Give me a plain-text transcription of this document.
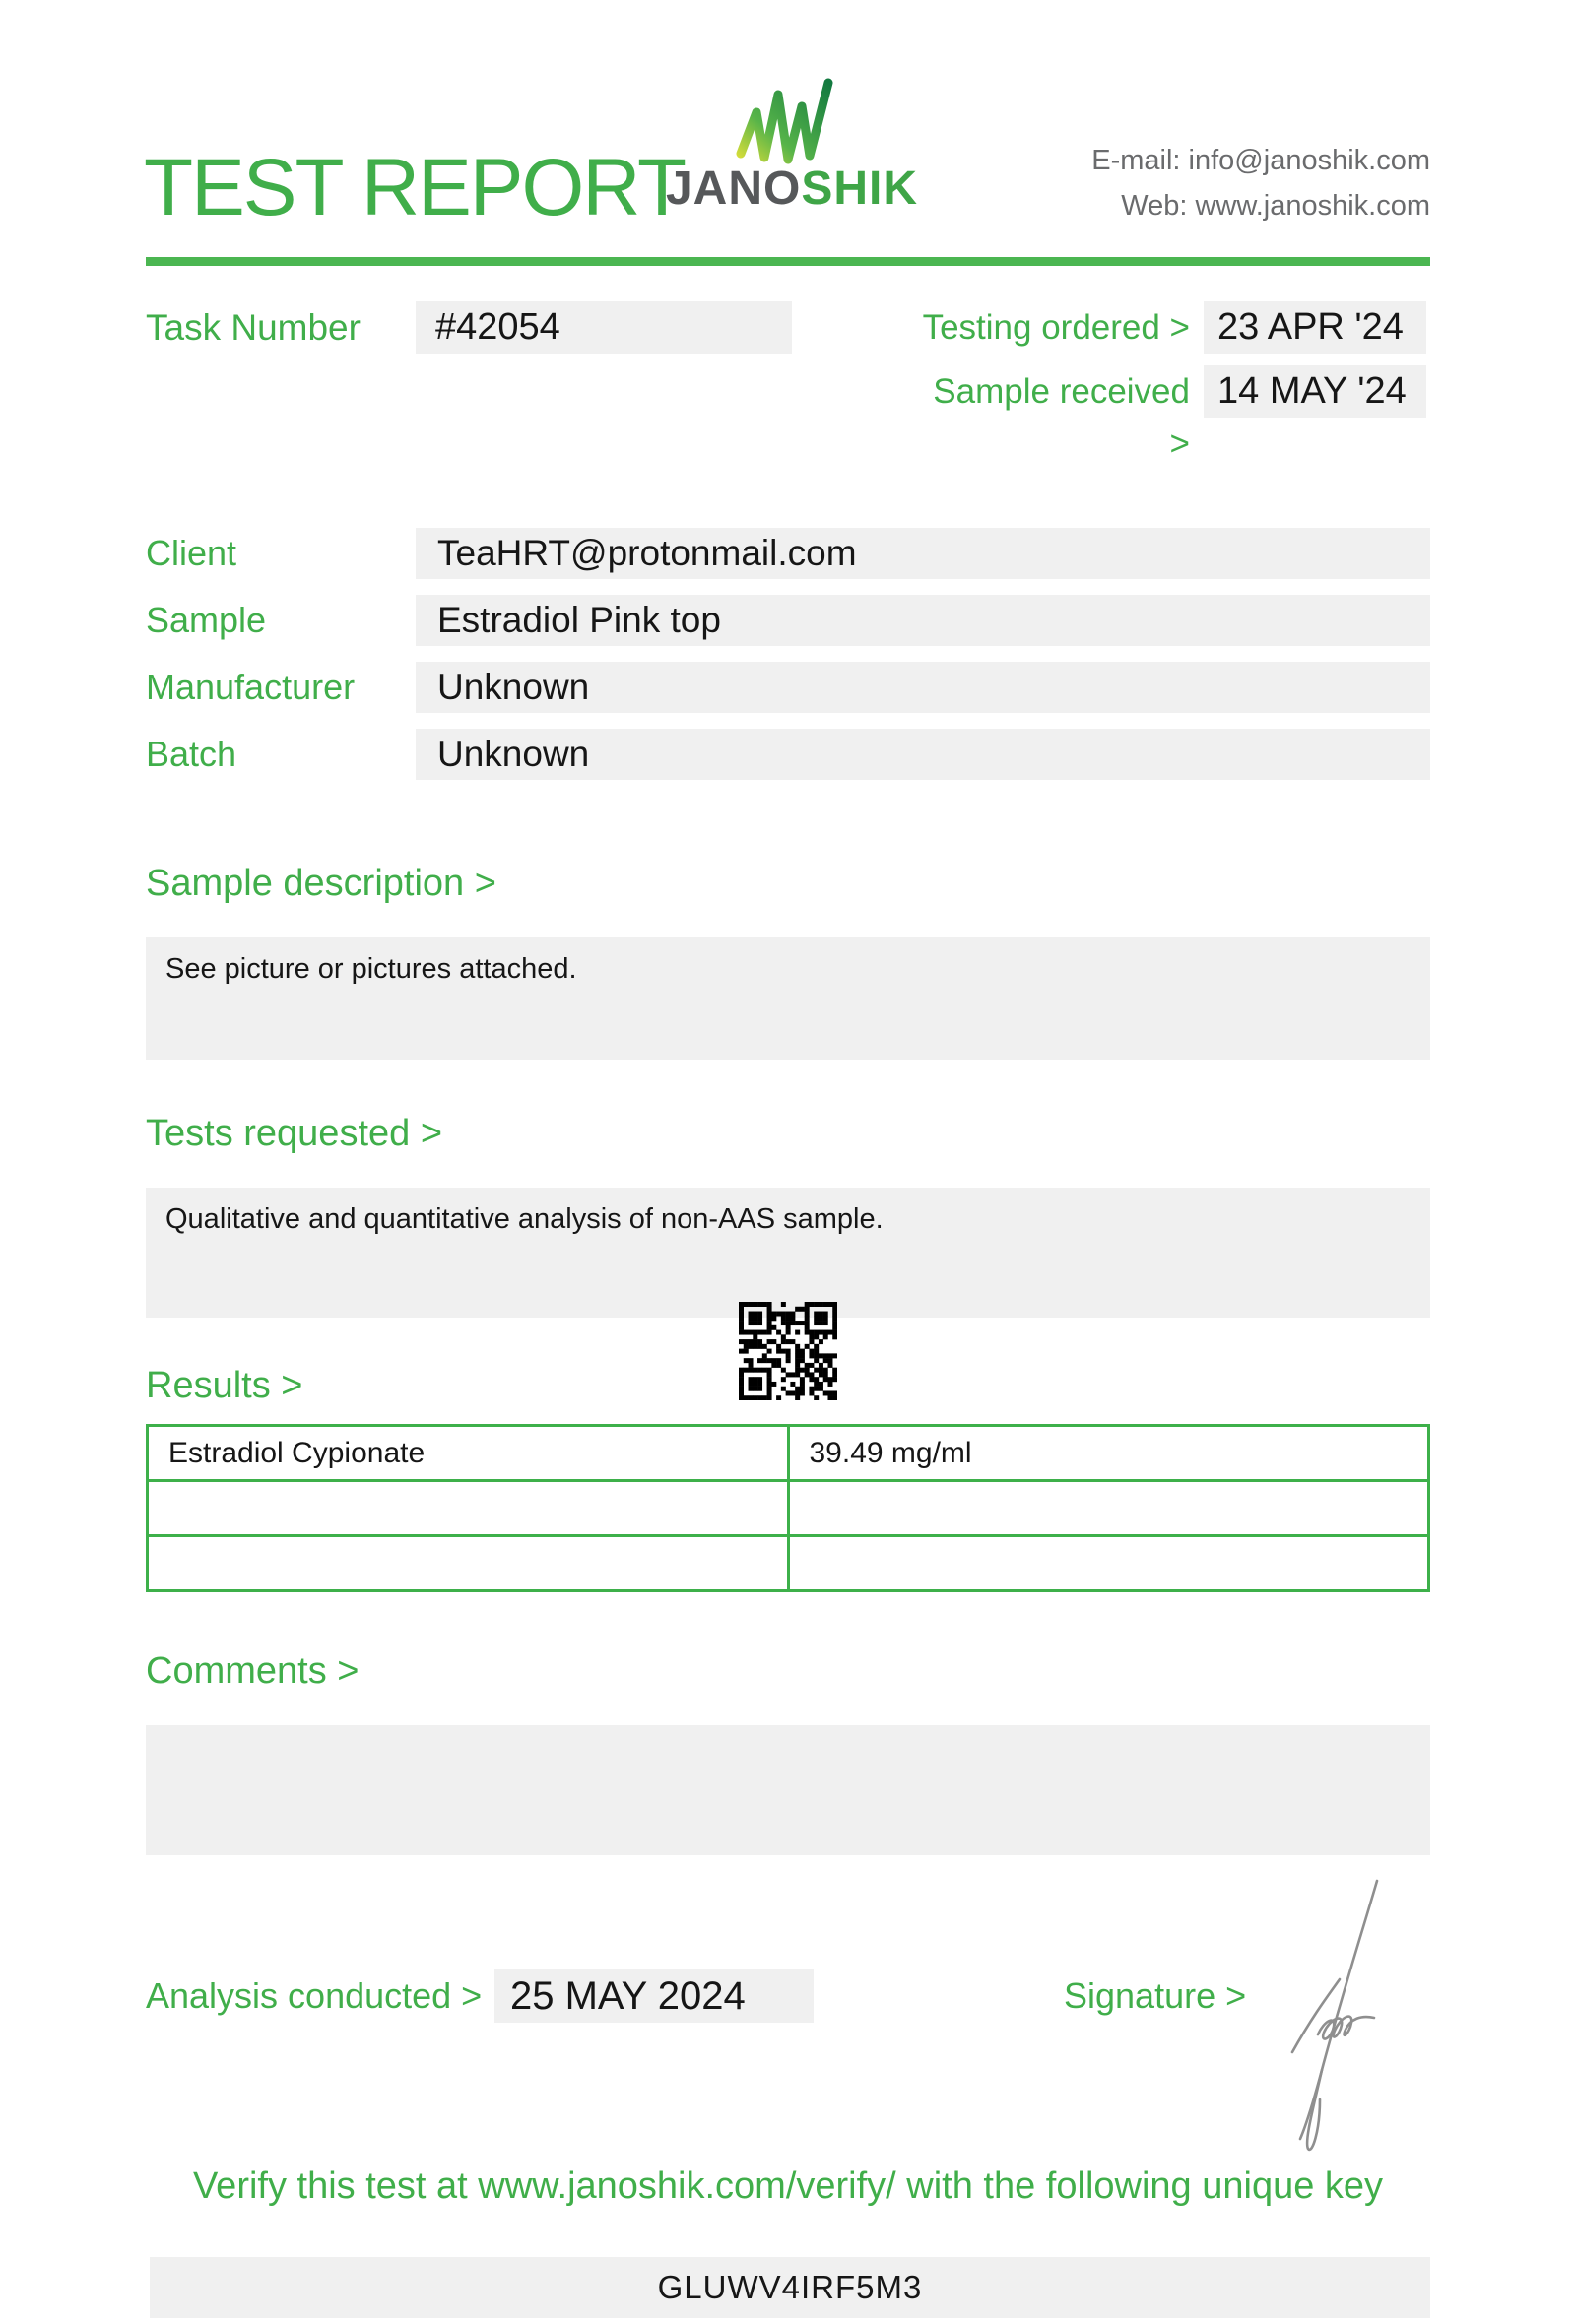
TEST REPORT
JANOSHIK
E-mail: info@janoshik.com
Web: www.janoshik.com
Task Number	#42054	Testing ordered > 23 APR '24
Sample received >
14 MAY '24
Client	TeaHRT@protonmail.com
Sample	Estradiol Pink top
Manufacturer	Unknown
Batch	Unknown
Sample description >
See picture or pictures attached.
Tests requested >
Qualitative and quantitative analysis of non-AAS sample.
Results >
Estradiol Cypionate	39.49 mg/ml

Comments >
Analysis conducted > 25 MAY 2024	Signature >
Verify this test at www.janoshik.com/verify/ with the following unique key
GLUWV4IRF5M3
